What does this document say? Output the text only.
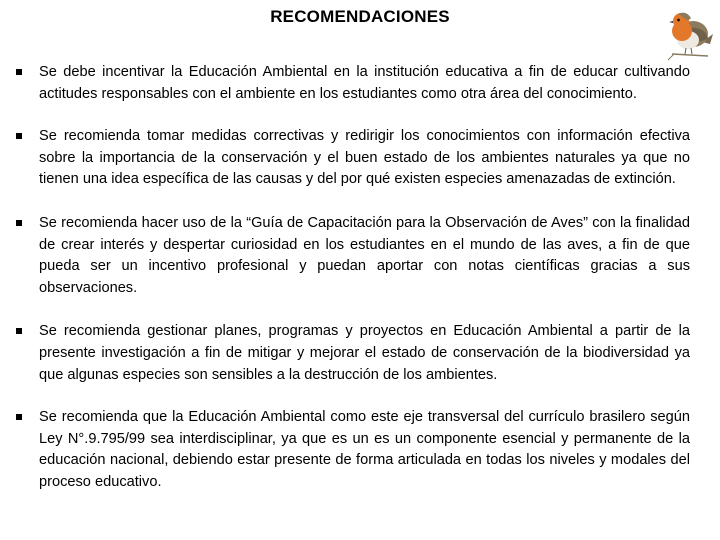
RECOMENDACIONES
Se debe incentivar la Educación Ambiental en la institución educativa a fin de educar cultivando actitudes responsables con el ambiente en los estudiantes como otra área del conocimiento.
Se recomienda tomar medidas correctivas y redirigir los conocimientos con información efectiva sobre la importancia de la conservación y el buen estado de los ambientes naturales ya que no tienen una idea específica de las causas y del por qué existen especies amenazadas de extinción.
Se recomienda hacer uso de la “Guía de Capacitación para la Observación de Aves” con la finalidad de crear interés y despertar curiosidad en los estudiantes en el mundo de las aves, a fin de que pueda ser un incentivo profesional y puedan aportar con notas científicas gracias a sus observaciones.
Se recomienda gestionar planes, programas y proyectos en Educación Ambiental a partir de la presente investigación a fin de mitigar y mejorar el estado de conservación de la biodiversidad ya que algunas especies son sensibles a la destrucción de los ambientes.
Se recomienda que la Educación Ambiental como este eje transversal del currículo brasilero según Ley N°.9.795/99 sea interdisciplinar, ya que es un es un componente esencial y permanente de la educación nacional, debiendo estar presente de forma articulada en todas los niveles y modales del proceso educativo.
